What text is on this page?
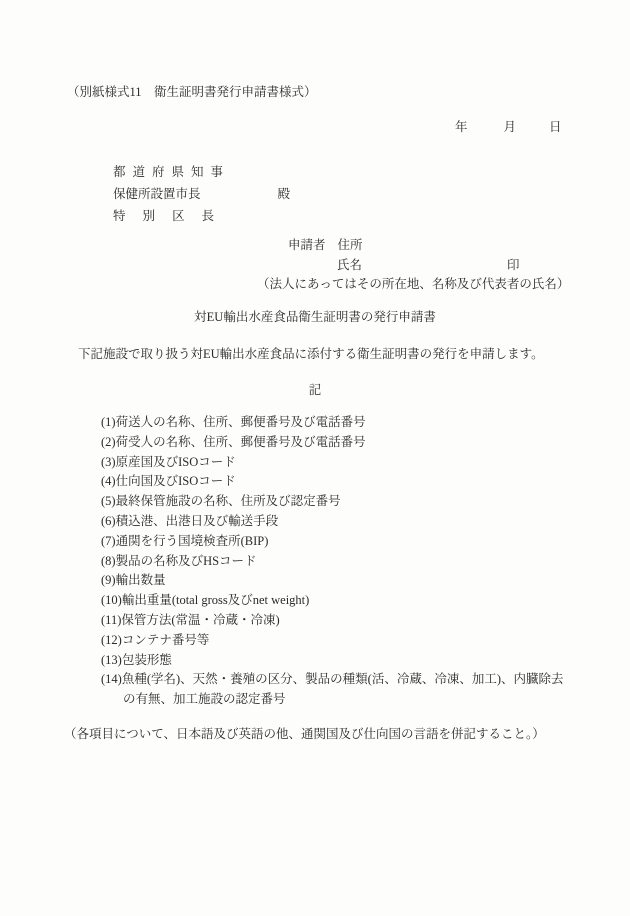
（別紙様式11　衛生証明書発行申請書様式）
年	月	日
都道府県知事
保健所設置市長	殿
特別区長
申請者 住所
氏名	印
（法人にあってはその所在地、名称及び代表者の氏名）
対EU輸出水産食品衛生証明書の発行申請書
下記施設で取り扱う対EU輸出水産食品に添付する衛生証明書の発行を申請します。
記
(1)荷送人の名称、住所、郵便番号及び電話番号
(2)荷受人の名称、住所、郵便番号及び電話番号
(3)原産国及びISOコード
(4)仕向国及びISOコード
(5)最終保管施設の名称、住所及び認定番号
(6)積込港、出港日及び輸送手段
(7)通関を行う国境検査所(BIP)
(8)製品の名称及びHSコード
(9)輸出数量
(10)輸出重量(total gross及びnet weight)
(11)保管方法(常温・冷蔵・冷凍)
(12)コンテナ番号等
(13)包装形態
(14)魚種(学名)、天然・養殖の区分、製品の種類(活、冷蔵、冷凍、加工)、内臓除去
の有無、加工施設の認定番号
（各項目について、日本語及び英語の他、通関国及び仕向国の言語を併記すること。）
